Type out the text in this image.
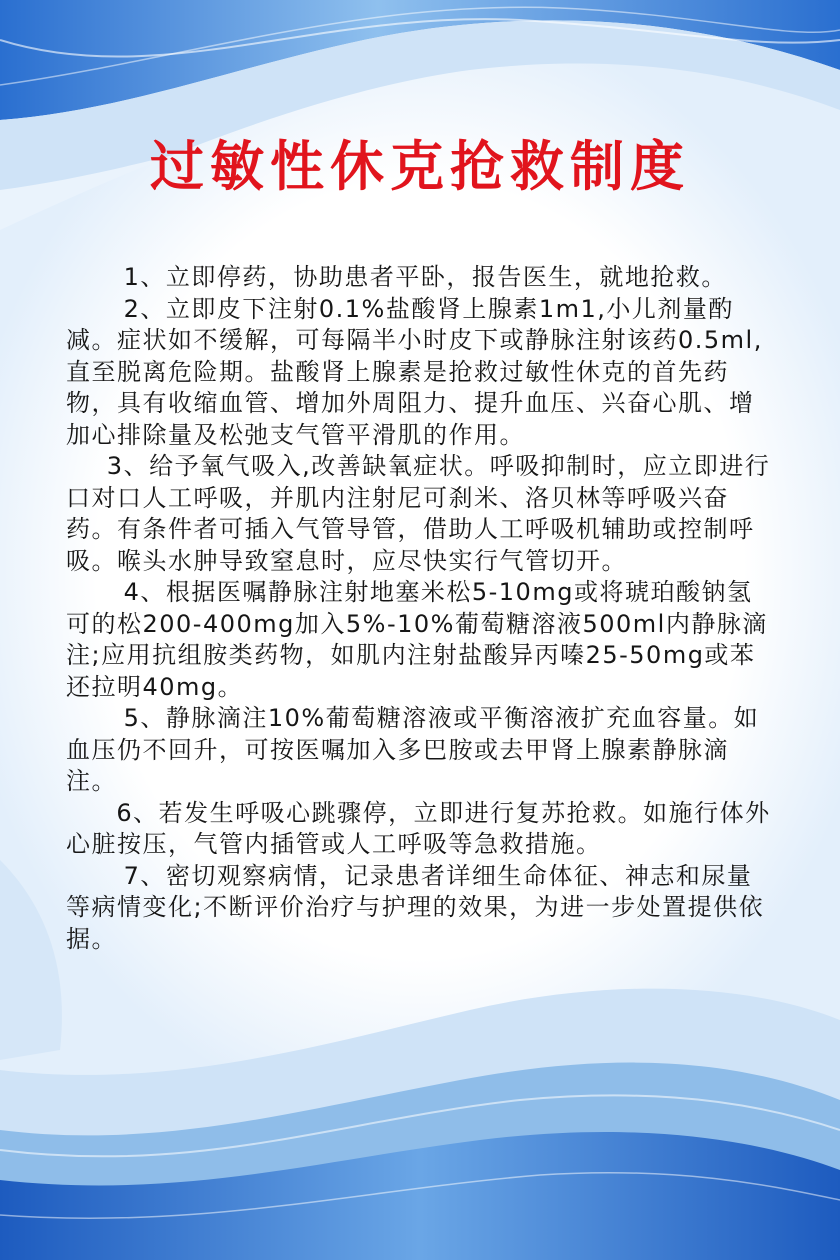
过敏性休克抢救制度

1、立即停药，协助患者平卧，报告医生，就地抢救。

2、立即皮下注射0.1%盐酸肾上腺素1m1,小儿剂量酌减。症状如不缓解，可每隔半小时皮下或静脉注射该药0.5ml,直至脱离危险期。盐酸肾上腺素是抢救过敏性休克的首先药物，具有收缩血管、增加外周阻力、提升血压、兴奋心肌、增加心排除量及松弛支气管平滑肌的作用。

3、给予氧气吸入,改善缺氧症状。呼吸抑制时，应立即进行口对口人工呼吸，并肌内注射尼可刹米、洛贝林等呼吸兴奋药。有条件者可插入气管导管，借助人工呼吸机辅助或控制呼吸。喉头水肿导致窒息时，应尽快实行气管切开。

4、根据医嘱静脉注射地塞米松5-10mg或将琥珀酸钠氢可的松200-400mg加入5%-10%葡萄糖溶液500ml内静脉滴注;应用抗组胺类药物，如肌内注射盐酸异丙嗪25-50mg或苯还拉明40mg。

5、静脉滴注10%葡萄糖溶液或平衡溶液扩充血容量。如血压仍不回升，可按医嘱加入多巴胺或去甲肾上腺素静脉滴注。

6、若发生呼吸心跳骤停，立即进行复苏抢救。如施行体外心脏按压，气管内插管或人工呼吸等急救措施。

7、密切观察病情，记录患者详细生命体征、神志和尿量等病情变化;不断评价治疗与护理的效果，为进一步处置提供依据。
